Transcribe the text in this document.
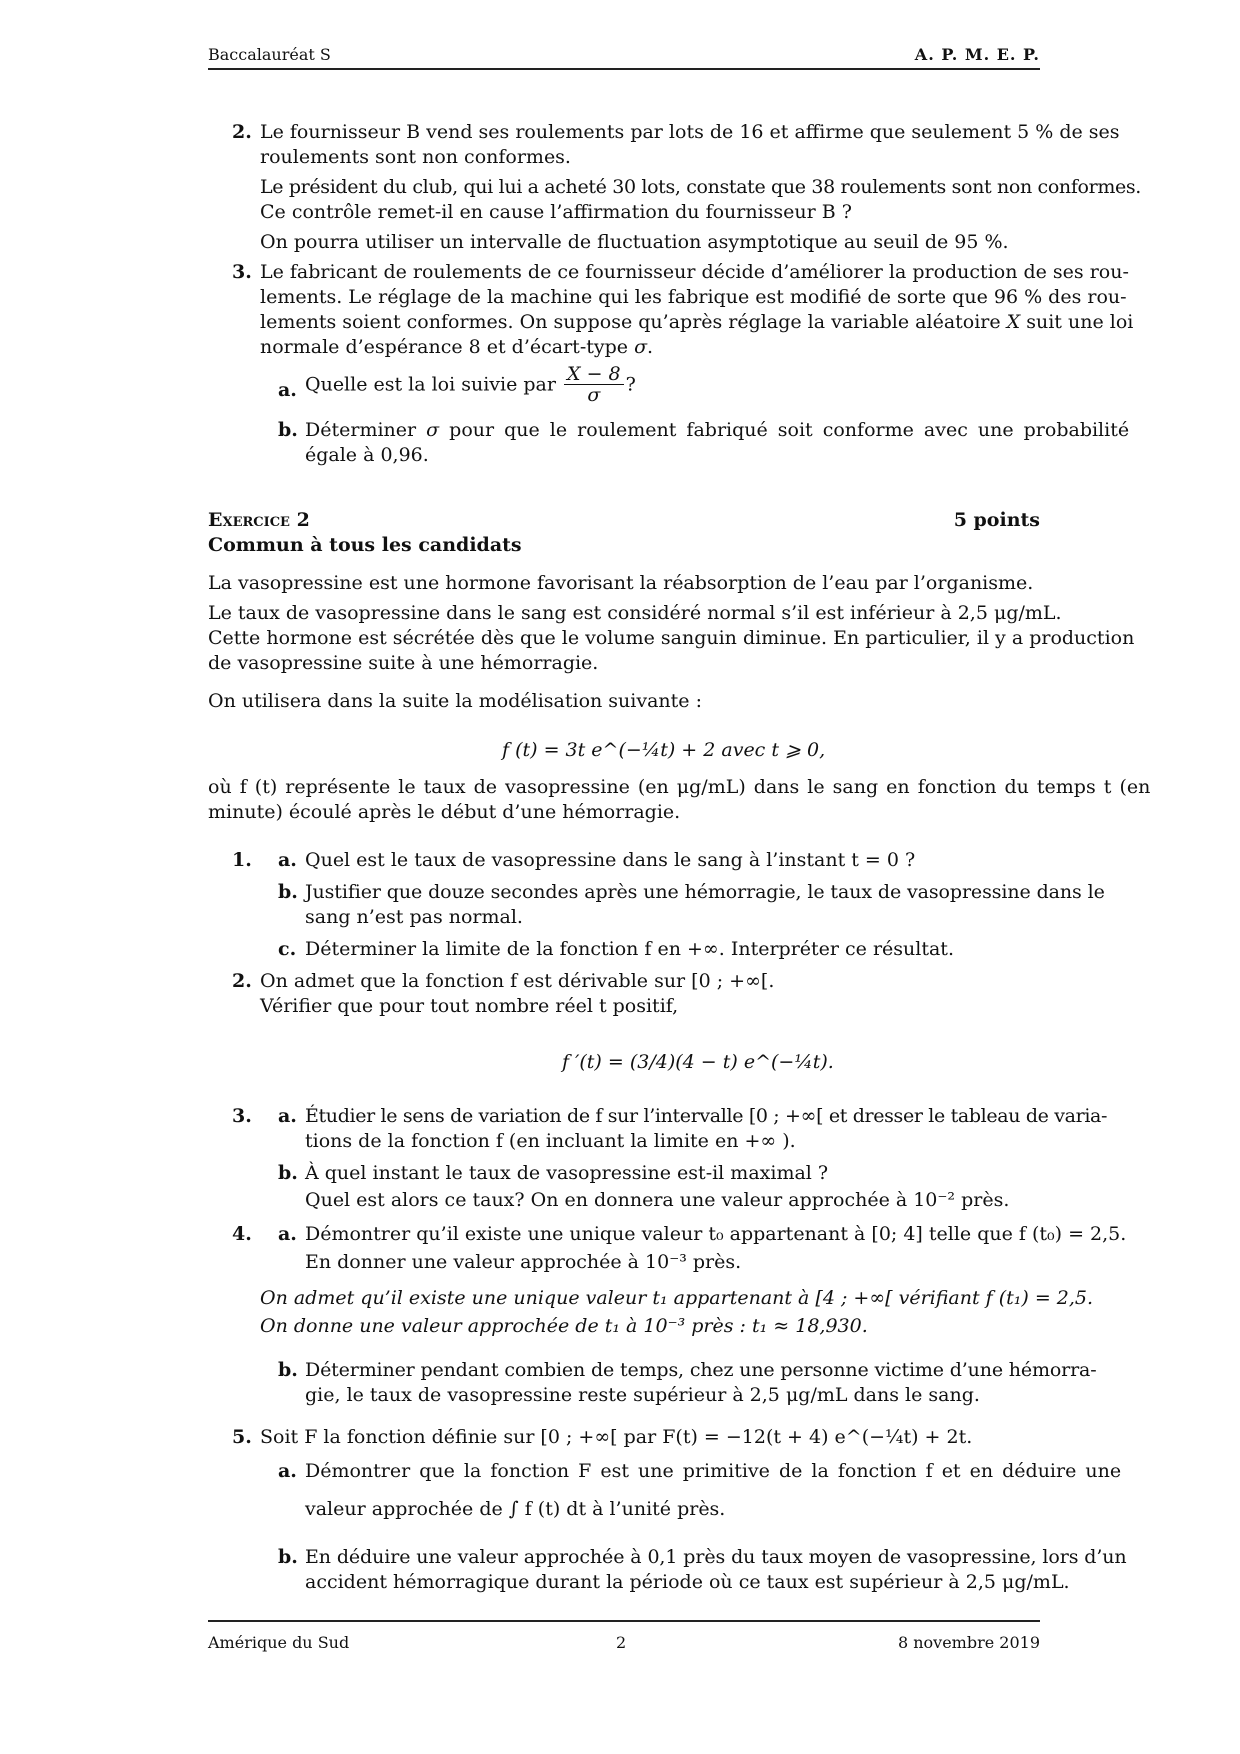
Baccalauréat S	A. P. M. E. P.
2. Le fournisseur B vend ses roulements par lots de 16 et affirme que seulement 5 % de ses
roulements sont non conformes.
Le président du club, qui lui a acheté 30 lots, constate que 38 roulements sont non conformes.
Ce contrôle remet-il en cause l’affirmation du fournisseur B ?
On pourra utiliser un intervalle de fluctuation asymptotique au seuil de 95 %.
3. Le fabricant de roulements de ce fournisseur décide d’améliorer la production de ses rou-
lements. Le réglage de la machine qui les fabrique est modifié de sorte que 96 % des rou-
lements soient conformes. On suppose qu’après réglage la variable aléatoire X suit une loi
normale d’espérance 8 et d’écart-type σ.
a. Quelle est la loi suivie par $\frac{X - 8}{\sigma}$ ?
b. Déterminer σ pour que le roulement fabriqué soit conforme avec une probabilité
égale à 0,96.
Exercice 2	5 points
Commun à tous les candidats
La vasopressine est une hormone favorisant la réabsorption de l’eau par l’organisme.
Le taux de vasopressine dans le sang est considéré normal s’il est inférieur à 2,5 μg/mL.
Cette hormone est sécrétée dès que le volume sanguin diminue. En particulier, il y a production
de vasopressine suite à une hémorragie.
On utilisera dans la suite la modélisation suivante :
f (t) = 3t e^(−¼t) + 2 avec t ⩾ 0,
où f (t) représente le taux de vasopressine (en μg/mL) dans le sang en fonction du temps t (en
minute) écoulé après le début d’une hémorragie.
1. a. Quel est le taux de vasopressine dans le sang à l’instant t = 0 ?
b. Justifier que douze secondes après une hémorragie, le taux de vasopressine dans le
sang n’est pas normal.
c. Déterminer la limite de la fonction f en +∞. Interpréter ce résultat.
2. On admet que la fonction f est dérivable sur [0 ; +∞[.
Vérifier que pour tout nombre réel t positif,
f ′(t) = (3/4)(4 − t) e^(−¼t).
3. a. Étudier le sens de variation de f sur l’intervalle [0 ; +∞[ et dresser le tableau de varia-
tions de la fonction f (en incluant la limite en +∞ ).
b. À quel instant le taux de vasopressine est-il maximal ?
Quel est alors ce taux? On en donnera une valeur approchée à 10⁻² près.
4. a. Démontrer qu’il existe une unique valeur t₀ appartenant à [0; 4] telle que f (t₀) = 2,5.
En donner une valeur approchée à 10⁻³ près.
On admet qu’il existe une unique valeur t₁ appartenant à [4 ; +∞[ vérifiant f (t₁) = 2,5.
On donne une valeur approchée de t₁ à 10⁻³ près : t₁ ≈ 18,930.
b. Déterminer pendant combien de temps, chez une personne victime d’une hémorra-
gie, le taux de vasopressine reste supérieur à 2,5 μg/mL dans le sang.
5. Soit F la fonction définie sur [0 ; +∞[ par F(t) = −12(t + 4) e^(−¼t) + 2t.
a. Démontrer que la fonction F est une primitive de la fonction f et en déduire une
valeur approchée de ∫ f (t) dt à l’unité près.
b. En déduire une valeur approchée à 0,1 près du taux moyen de vasopressine, lors d’un
accident hémorragique durant la période où ce taux est supérieur à 2,5 μg/mL.
Amérique du Sud	2	8 novembre 2019
